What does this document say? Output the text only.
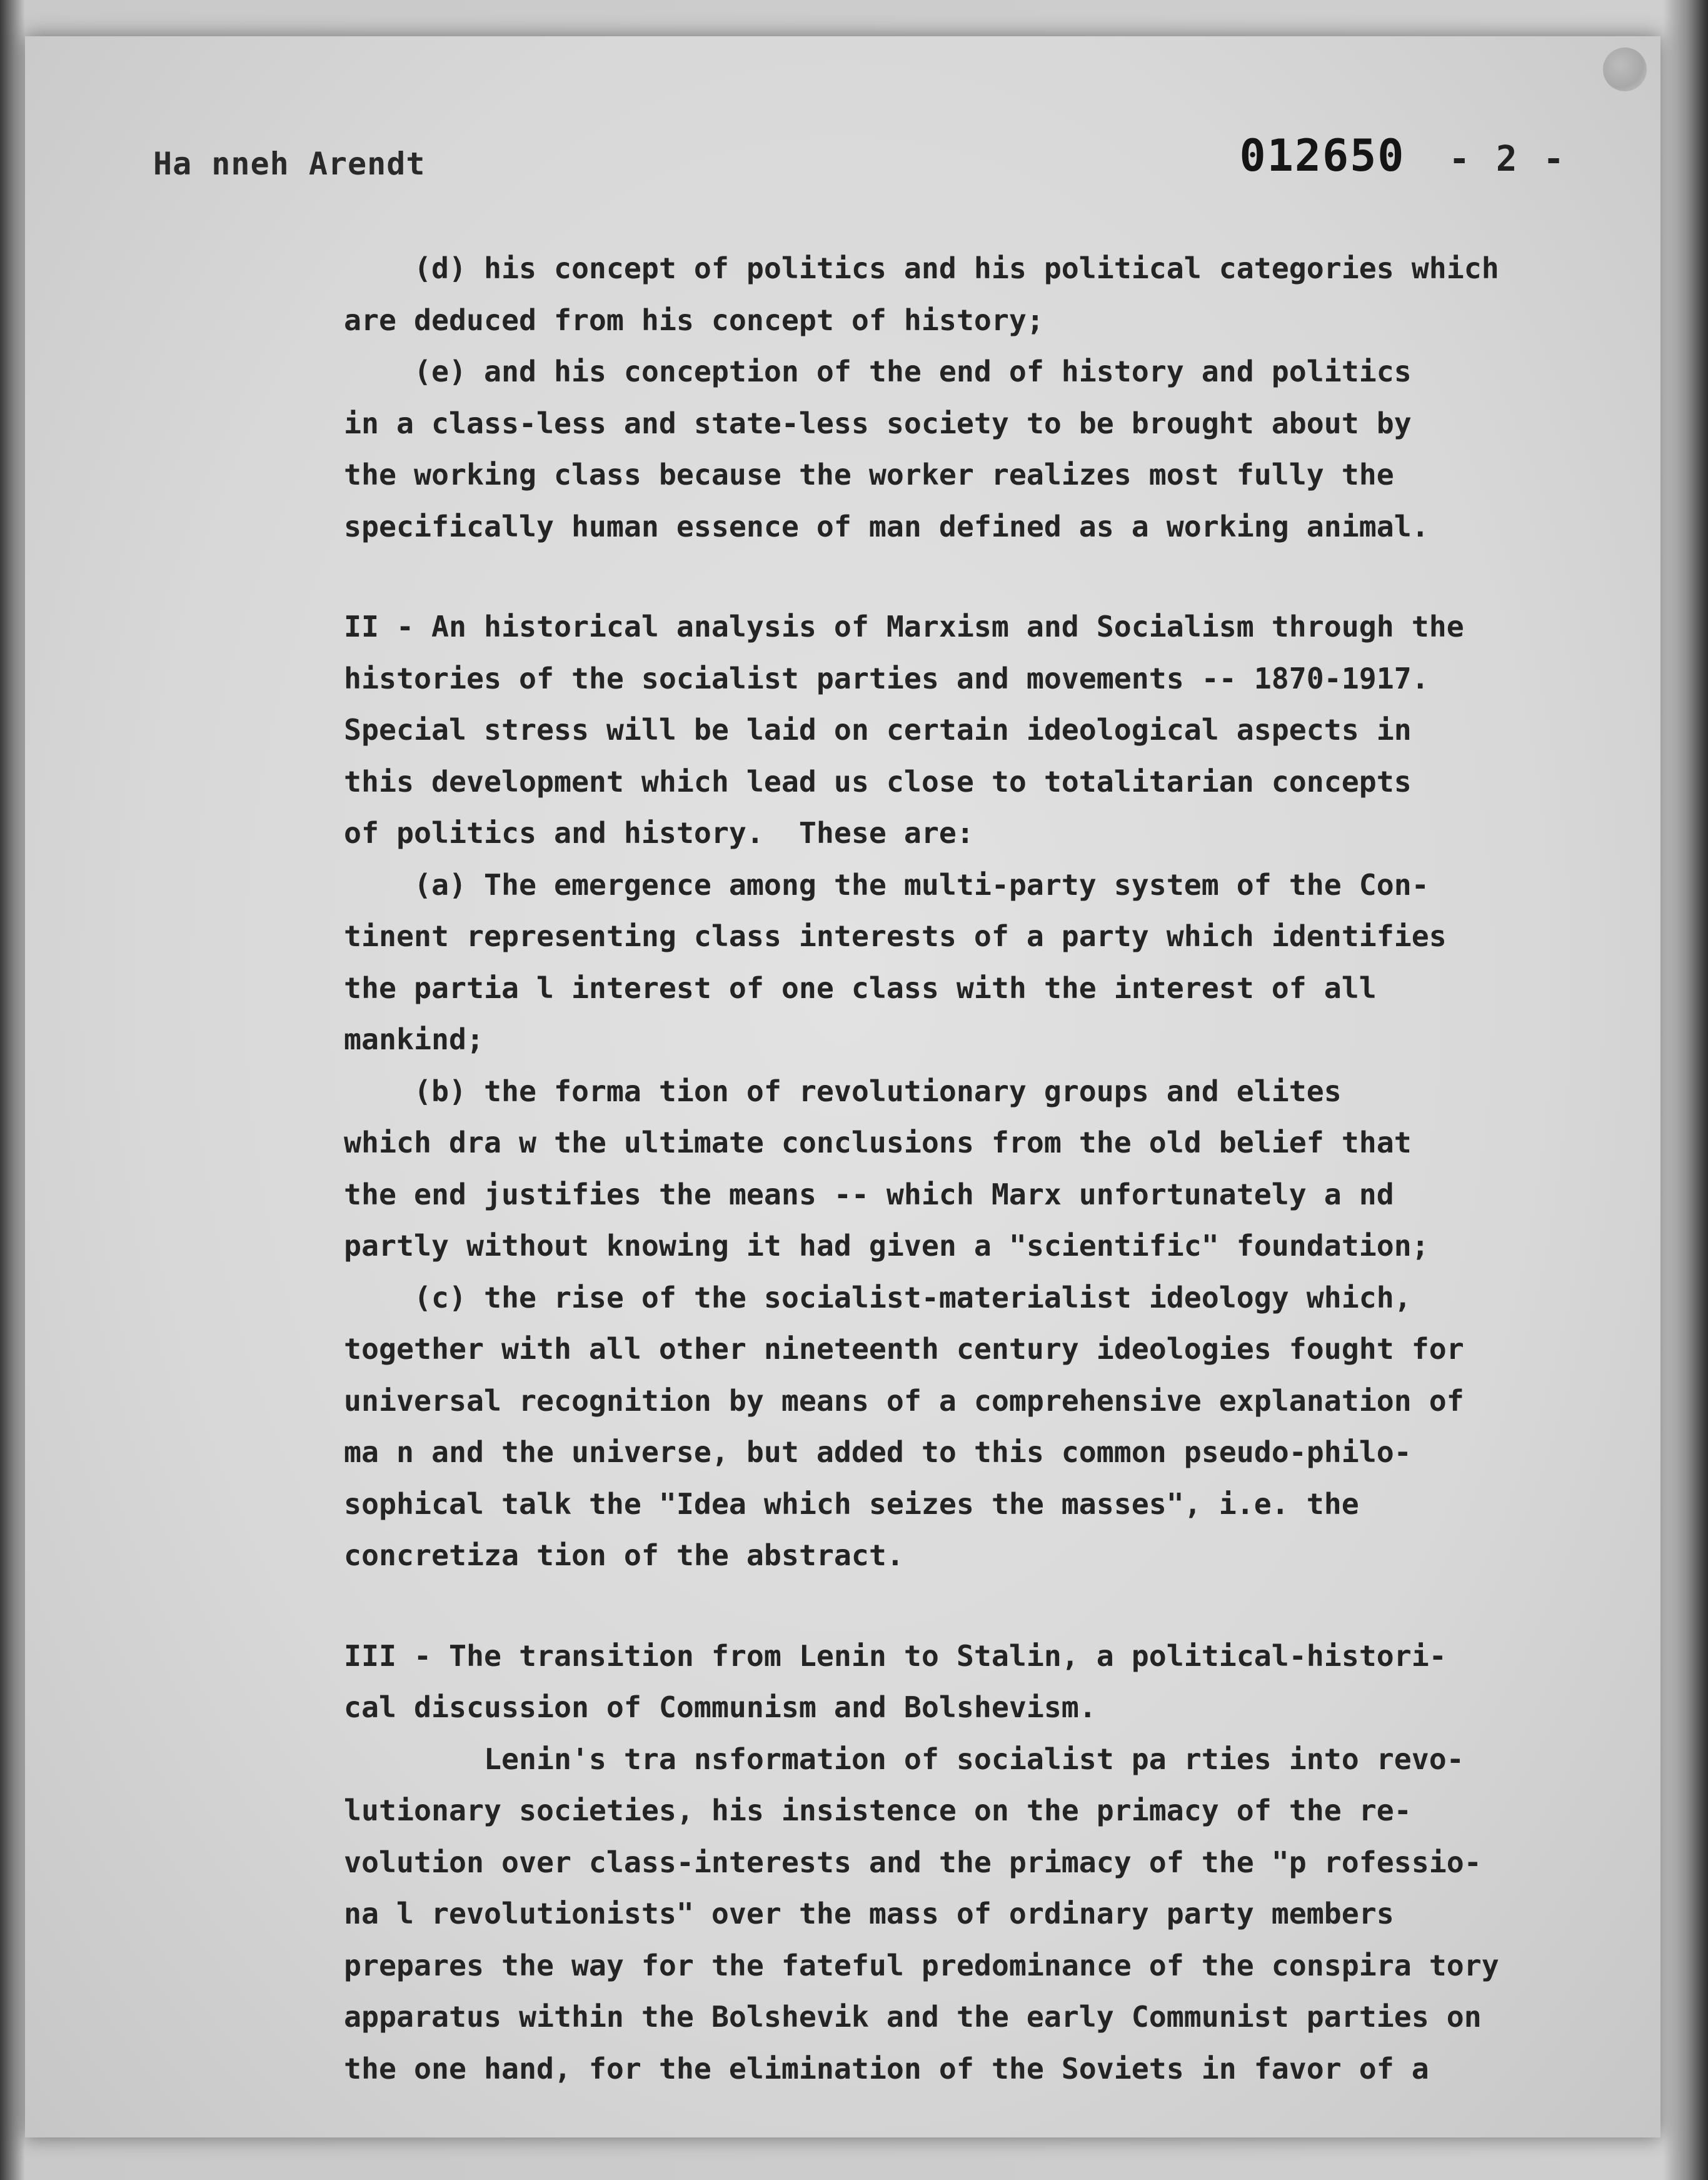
Ha nneh Arendt	012650 - 2 -
(d) his concept of politics and his political categories which
are deduced from his concept of history;
(e) and his conception of the end of history and politics
in a class-less and state-less society to be brought about by
the working class because the worker realizes most fully the
specifically human essence of man defined as a working animal.
II - An historical analysis of Marxism and Socialism through the
histories of the socialist parties and movements -- 1870-1917.
Special stress will be laid on certain ideological aspects in
this development which lead us close to totalitarian concepts
of politics and history.  These are:
(a) The emergence among the multi-party system of the Con-
tinent representing class interests of a party which identifies
the partia l interest of one class with the interest of all
mankind;
(b) the forma tion of revolutionary groups and elites
which dra w the ultimate conclusions from the old belief that
the end justifies the means -- which Marx unfortunately a nd
partly without knowing it had given a "scientific" foundation;
(c) the rise of the socialist-materialist ideology which,
together with all other nineteenth century ideologies fought for
universal recognition by means of a comprehensive explanation of
ma n and the universe, but added to this common pseudo-philo-
sophical talk the "Idea which seizes the masses", i.e. the
concretiza tion of the abstract.
III - The transition from Lenin to Stalin, a political-histori-
cal discussion of Communism and Bolshevism.
Lenin's tra nsformation of socialist pa rties into revo-
lutionary societies, his insistence on the primacy of the re-
volution over class-interests and the primacy of the "p rofessio-
na l revolutionists" over the mass of ordinary party members
prepares the way for the fateful predominance of the conspira tory
apparatus within the Bolshevik and the early Communist parties on
the one hand, for the elimination of the Soviets in favor of a
